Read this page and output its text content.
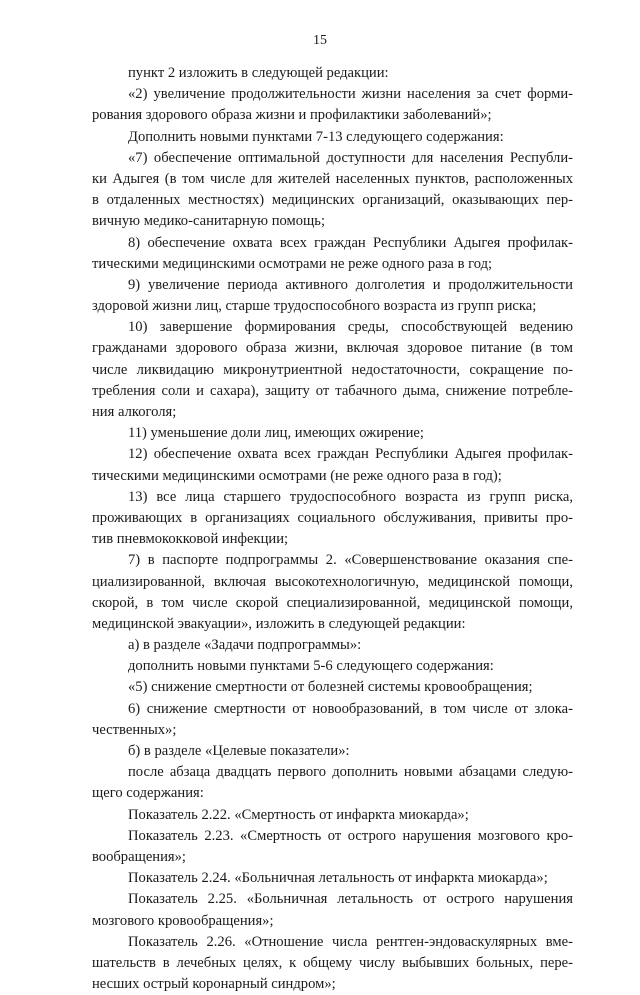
15
пункт 2 изложить в следующей редакции:
«2) увеличение продолжительности жизни населения за счет форми-
рования здорового образа жизни и профилактики заболеваний»;
Дополнить новыми пунктами 7-13 следующего содержания:
«7) обеспечение оптимальной доступности для населения Республи-
ки Адыгея (в том числе для жителей населенных пунктов, расположенных
в отдаленных местностях) медицинских организаций, оказывающих пер-
вичную медико-санитарную помощь;
8) обеспечение охвата всех граждан Республики Адыгея профилак-
тическими медицинскими осмотрами не реже одного раза в год;
9) увеличение периода активного долголетия и продолжительности
здоровой жизни лиц, старше трудоспособного возраста из групп риска;
10) завершение формирования среды, способствующей ведению
гражданами здорового образа жизни, включая здоровое питание (в том
числе ликвидацию микронутриентной недостаточности, сокращение по-
требления соли и сахара), защиту от табачного дыма, снижение потребле-
ния алкоголя;
11) уменьшение доли лиц, имеющих ожирение;
12) обеспечение охвата всех граждан Республики Адыгея профилак-
тическими медицинскими осмотрами (не реже одного раза в год);
13) все лица старшего трудоспособного возраста из групп риска,
проживающих в организациях социального обслуживания, привиты про-
тив пневмококковой инфекции;
7) в паспорте подпрограммы 2. «Совершенствование оказания спе-
циализированной, включая высокотехнологичную, медицинской помощи,
скорой, в том числе скорой специализированной, медицинской помощи,
медицинской эвакуации», изложить в следующей редакции:
а) в разделе «Задачи подпрограммы»:
дополнить новыми пунктами 5-6 следующего содержания:
«5) снижение смертности от болезней системы кровообращения;
6) снижение смертности от новообразований, в том числе от злока-
чественных»;
б) в разделе «Целевые показатели»:
после абзаца двадцать первого дополнить новыми абзацами следую-
щего содержания:
Показатель 2.22. «Смертность от инфаркта миокарда»;
Показатель 2.23. «Смертность от острого нарушения мозгового кро-
вообращения»;
Показатель 2.24. «Больничная летальность от инфаркта миокарда»;
Показатель 2.25. «Больничная летальность от острого нарушения
мозгового кровообращения»;
Показатель 2.26. «Отношение числа рентген-эндоваскулярных вме-
шательств в лечебных целях, к общему числу выбывших больных, пере-
несших острый коронарный синдром»;
